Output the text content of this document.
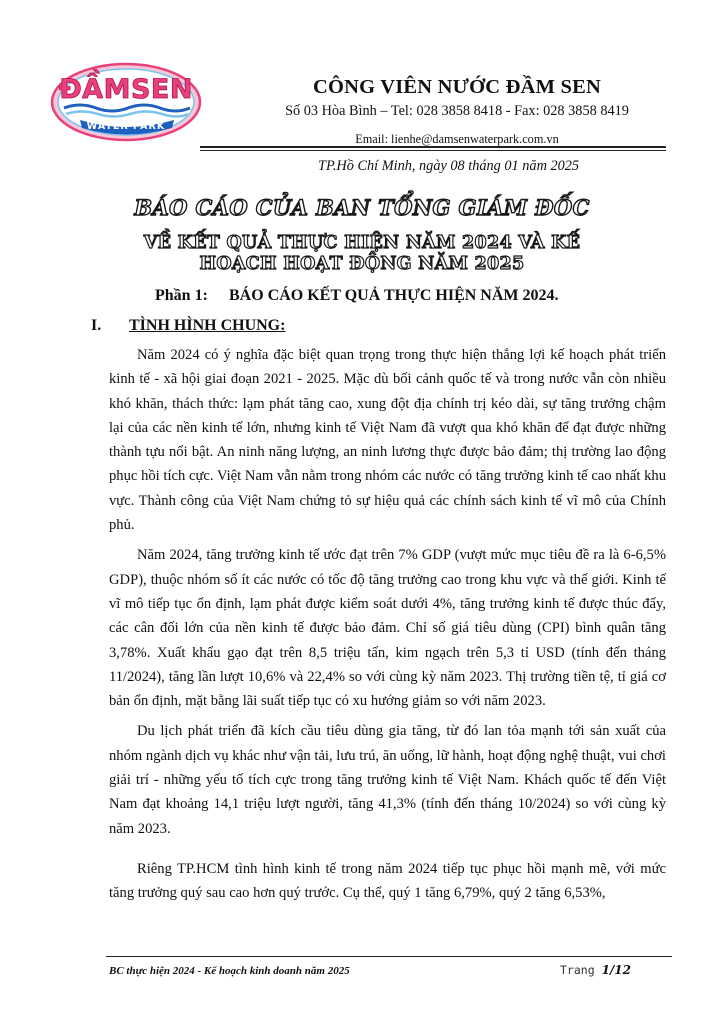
ĐẦMSEN
WATER PARK

CÔNG VIÊN NƯỚC ĐẦM SEN

Số 03 Hòa Bình – Tel: 028 3858 8418 - Fax: 028 3858 8419

Email: lienhe@damsenwaterpark.com.vn

TP.Hồ Chí Minh, ngày 08 tháng 01 năm 2025
BÁO CÁO CỦA BAN TỔNG GIÁM ĐỐC
VỀ KẾT QUẢ THỰC HIỆN NĂM 2024 VÀ KẾ
HOẠCH HOẠT ĐỘNG NĂM 2025
Phần 1: BÁO CÁO KẾT QUẢ THỰC HIỆN NĂM 2024.
I. TÌNH HÌNH CHUNG:

Năm 2024 có ý nghĩa đặc biệt quan trọng trong thực hiện thắng lợi kế hoạch phát triển kinh tế - xã hội giai đoạn 2021 - 2025. Mặc dù bối cảnh quốc tế và trong nước vẫn còn nhiều khó khăn, thách thức: lạm phát tăng cao, xung đột địa chính trị kéo dài, sự tăng trưởng chậm lại của các nền kinh tế lớn, nhưng kinh tế Việt Nam đã vượt qua khó khăn để đạt được những thành tựu nổi bật. An ninh năng lượng, an ninh lương thực được bảo đảm; thị trường lao động phục hồi tích cực. Việt Nam vẫn nằm trong nhóm các nước có tăng trưởng kinh tế cao nhất khu vực. Thành công của Việt Nam chứng tỏ sự hiệu quả các chính sách kinh tế vĩ mô của Chính phủ.

Năm 2024, tăng trưởng kinh tế ước đạt trên 7% GDP (vượt mức mục tiêu đề ra là 6-6,5% GDP), thuộc nhóm số ít các nước có tốc độ tăng trưởng cao trong khu vực và thế giới. Kinh tế vĩ mô tiếp tục ổn định, lạm phát được kiểm soát dưới 4%, tăng trưởng kinh tế được thúc đẩy, các cân đối lớn của nền kinh tế được bảo đảm. Chỉ số giá tiêu dùng (CPI) bình quân tăng 3,78%. Xuất khẩu gạo đạt trên 8,5 triệu tấn, kim ngạch trên 5,3 tỉ USD (tính đến tháng 11/2024), tăng lần lượt 10,6% và 22,4% so với cùng kỳ năm 2023. Thị trường tiền tệ, tỉ giá cơ bản ổn định, mặt bằng lãi suất tiếp tục có xu hướng giảm so với năm 2023.

Du lịch phát triển đã kích cầu tiêu dùng gia tăng, từ đó lan tỏa mạnh tới sản xuất của nhóm ngành dịch vụ khác như vận tải, lưu trú, ăn uống, lữ hành, hoạt động nghệ thuật, vui chơi giải trí - những yếu tố tích cực trong tăng trưởng kinh tế Việt Nam. Khách quốc tế đến Việt Nam đạt khoảng 14,1 triệu lượt người, tăng 41,3% (tính đến tháng 10/2024) so với cùng kỳ năm 2023.

Riêng TP.HCM tình hình kinh tế trong năm 2024 tiếp tục phục hồi mạnh mẽ, với mức tăng trưởng quý sau cao hơn quý trước. Cụ thể, quý 1 tăng 6,79%, quý 2 tăng 6,53%,

BC thực hiện 2024 - Kế hoạch kinh doanh năm 2025	Trang 1/12
